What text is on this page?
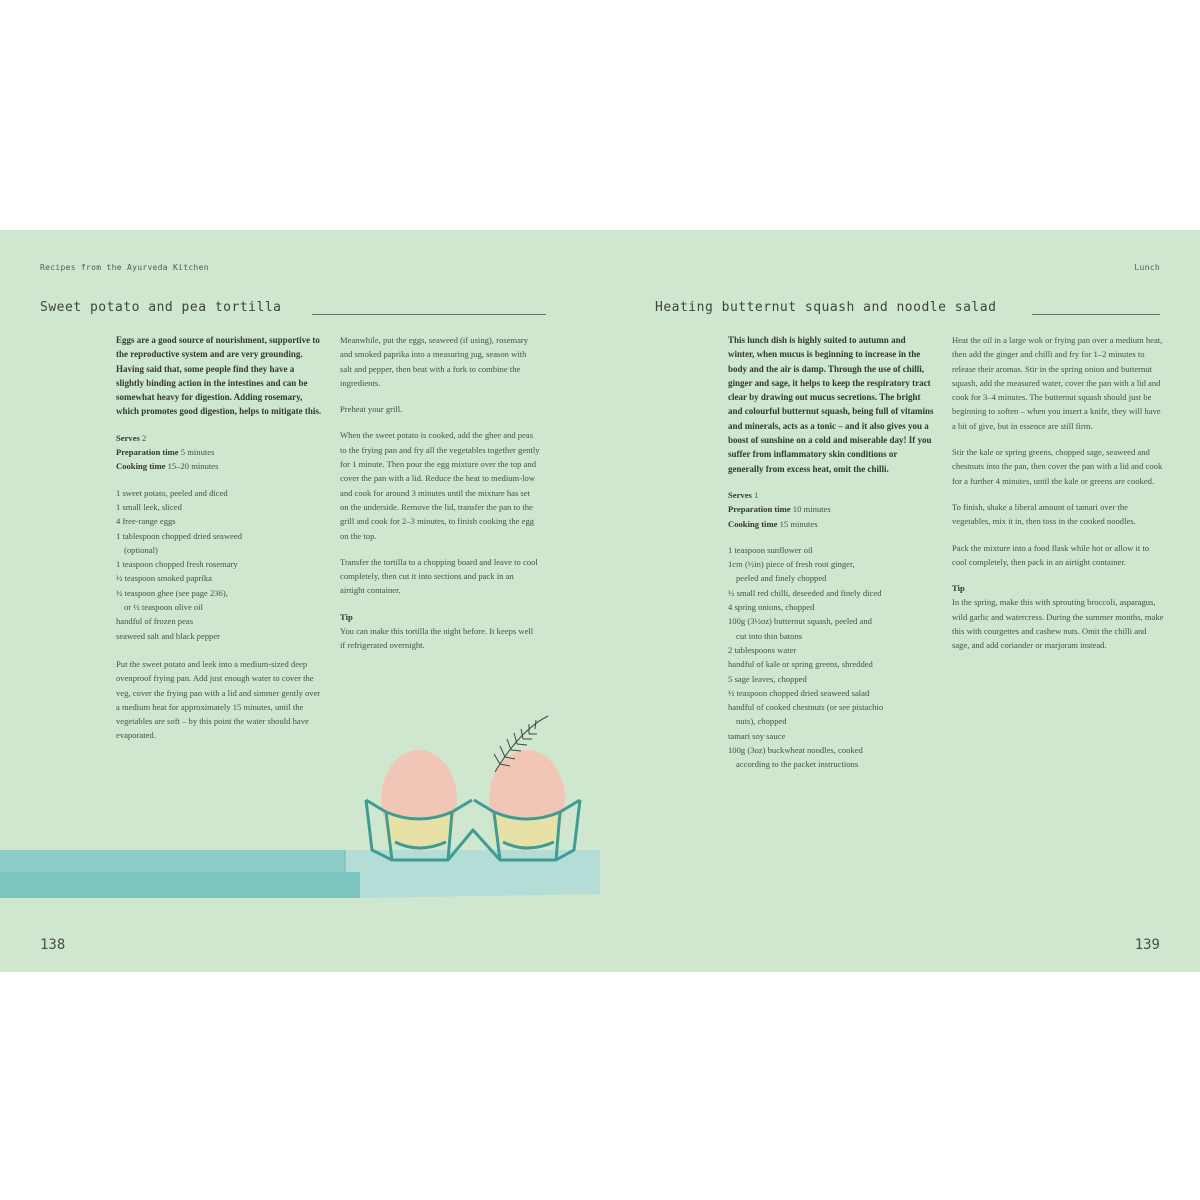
Recipes from the Ayurveda Kitchen
Sweet potato and pea tortilla
Eggs are a good source of nourishment, supportive to the reproductive system and are very grounding. Having said that, some people find they have a slightly binding action in the intestines and can be somewhat heavy for digestion. Adding rosemary, which promotes good digestion, helps to mitigate this.
Serves 2
Preparation time 5 minutes
Cooking time 15–20 minutes
1 sweet potato, peeled and diced
1 small leek, sliced
4 free-range eggs
1 tablespoon chopped dried seaweed
(optional)
1 teaspoon chopped fresh rosemary
½ teaspoon smoked paprika
½ teaspoon ghee (see page 236),
or ½ teaspoon olive oil
handful of frozen peas
seaweed salt and black pepper
Put the sweet potato and leek into a medium-sized deep ovenproof frying pan. Add just enough water to cover the veg, cover the frying pan with a lid and simmer gently over a medium heat for approximately 15 minutes, until the vegetables are soft – by this point the water should have evaporated.
Meanwhile, put the eggs, seaweed (if using), rosemary and smoked paprika into a measuring jug, season with salt and pepper, then beat with a fork to combine the ingredients.
Preheat your grill.
When the sweet potato is cooked, add the ghee and peas to the frying pan and fry all the vegetables together gently for 1 minute. Then pour the egg mixture over the top and cover the pan with a lid. Reduce the heat to medium-low and cook for around 3 minutes until the mixture has set on the underside. Remove the lid, transfer the pan to the grill and cook for 2–3 minutes, to finish cooking the egg on the top.
Transfer the tortilla to a chopping board and leave to cool completely, then cut it into sections and pack in an airtight container.
Tip
You can make this tortilla the night before. It keeps well if refrigerated overnight.
138
Lunch
Heating butternut squash and noodle salad
This lunch dish is highly suited to autumn and winter, when mucus is beginning to increase in the body and the air is damp. Through the use of chilli, ginger and sage, it helps to keep the respiratory tract clear by drawing out mucus secretions. The bright and colourful butternut squash, being full of vitamins and minerals, acts as a tonic – and it also gives you a boost of sunshine on a cold and miserable day! If you suffer from inflammatory skin conditions or generally from excess heat, omit the chilli.
Serves 1
Preparation time 10 minutes
Cooking time 15 minutes
1 teaspoon sunflower oil
1cm (½in) piece of fresh root ginger,
peeled and finely chopped
½ small red chilli, deseeded and finely diced
4 spring onions, chopped
100g (3½oz) butternut squash, peeled and
cut into thin batons
2 tablespoons water
handful of kale or spring greens, shredded
5 sage leaves, chopped
½ teaspoon chopped dried seaweed salad
handful of cooked chestnuts (or see pistachio
nuts), chopped
tamari soy sauce
100g (3oz) buckwheat noodles, cooked
according to the packet instructions
Heat the oil in a large wok or frying pan over a medium heat, then add the ginger and chilli and fry for 1–2 minutes to release their aromas. Stir in the spring onion and butternut squash, add the measured water, cover the pan with a lid and cook for 3–4 minutes. The butternut squash should just be beginning to soften – when you insert a knife, they will have a bit of give, but in essence are still firm.
Stir the kale or spring greens, chopped sage, seaweed and chestnuts into the pan, then cover the pan with a lid and cook for a further 4 minutes, until the kale or greens are cooked.
To finish, shake a liberal amount of tamari over the vegetables, mix it in, then toss in the cooked noodles.
Pack the mixture into a food flask while hot or allow it to cool completely, then pack in an airtight container.
Tip
In the spring, make this with sprouting broccoli, asparagus, wild garlic and watercress. During the summer months, make this with courgettes and cashew nuts. Omit the chilli and sage, and add coriander or marjoram instead.
139
